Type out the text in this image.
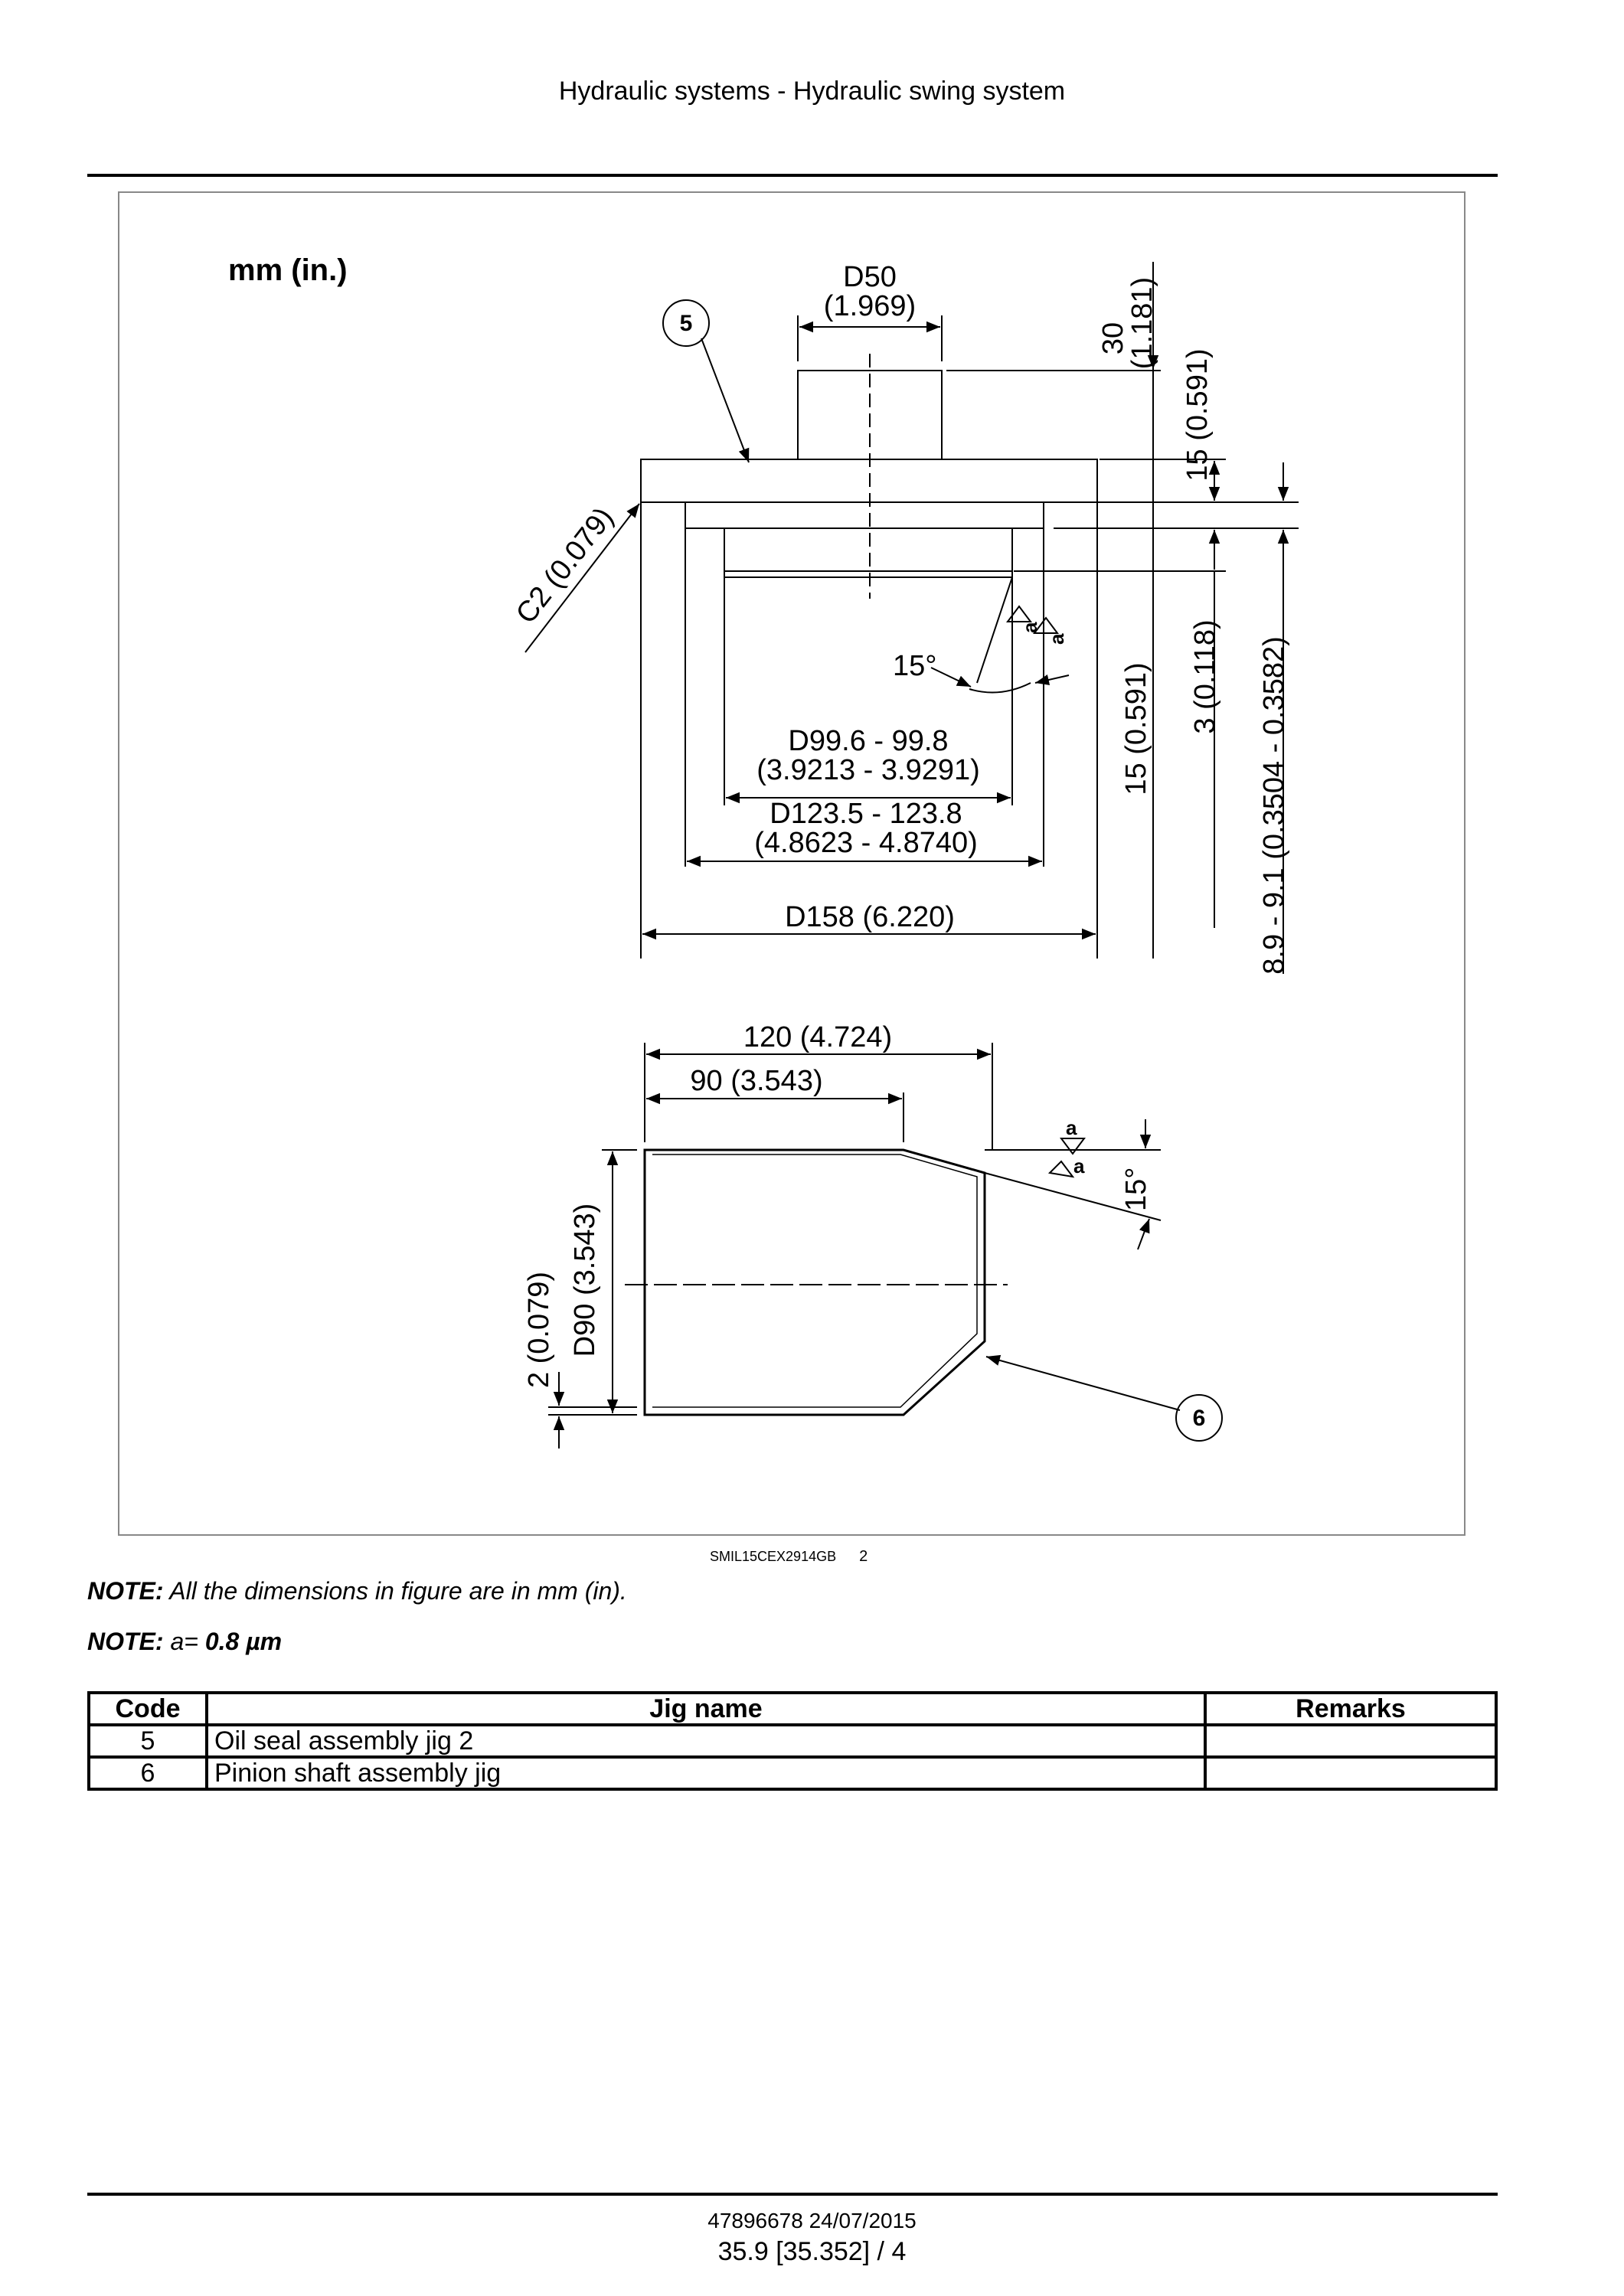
Hydraulic systems - Hydraulic swing system
mm (in.)
5
6
D50
(1.969)
30
(1.181)
15 (0.591)
C2 (0.079)
15 (0.591) 3 (0.118) 8.9 - 9.1 (0.3504 - 0.3582)
15°
a
a
D99.6 - 99.8
(3.9213 - 3.9291)
D123.5 - 123.8
(4.8623 - 4.8740)
D158 (6.220)
120 (4.724)
90 (3.543)
15°
a
a
D90 (3.543)
2 (0.079)
SMIL15CEX2914GB 2
NOTE: All the dimensions in figure are in mm (in).
NOTE: a= 0.8 µm
Code	Jig name	Remarks
5	Oil seal assembly jig 2	
6	Pinion shaft assembly jig	
47896678 24/07/2015
35.9 [35.352] / 4
